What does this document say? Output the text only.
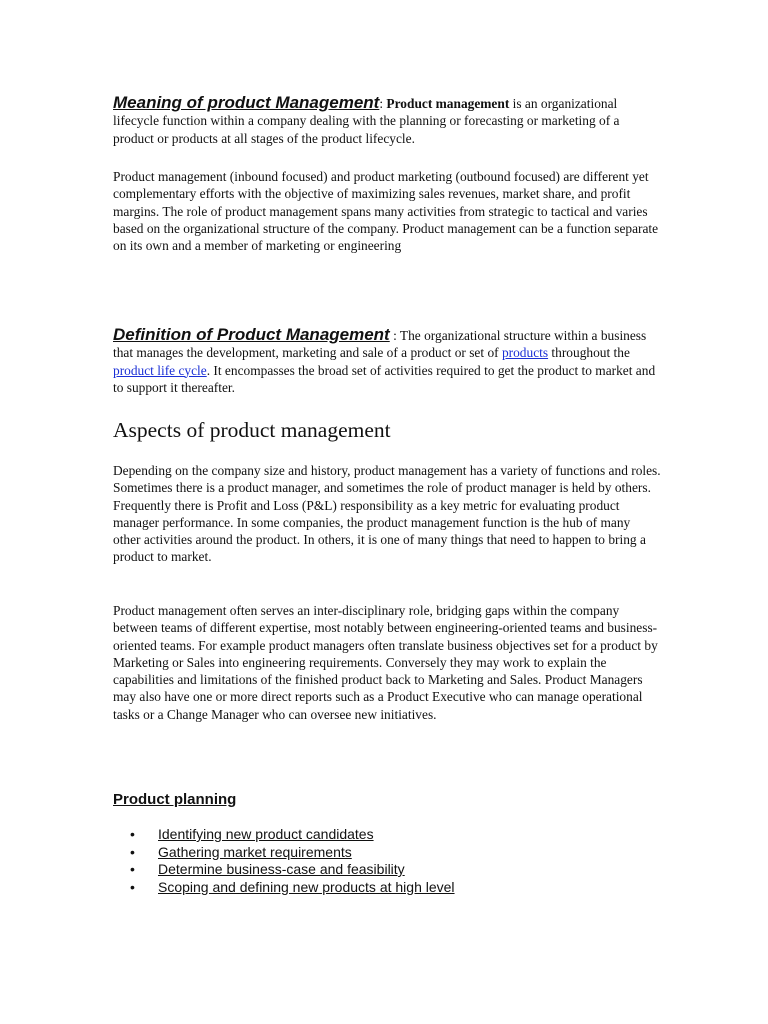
Meaning of product Management: Product management is an organizational lifecycle function within a company dealing with the planning or forecasting or marketing of a product or products at all stages of the product lifecycle.

Product management (inbound focused) and product marketing (outbound focused) are different yet complementary efforts with the objective of maximizing sales revenues, market share, and profit margins. The role of product management spans many activities from strategic to tactical and varies based on the organizational structure of the company. Product management can be a function separate on its own and a member of marketing or engineering

Definition of Product Management : The organizational structure within a business that manages the development, marketing and sale of a product or set of products throughout the product life cycle. It encompasses the broad set of activities required to get the product to market and to support it thereafter.

Aspects of product management

Depending on the company size and history, product management has a variety of functions and roles. Sometimes there is a product manager, and sometimes the role of product manager is held by others. Frequently there is Profit and Loss (P&L) responsibility as a key metric for evaluating product manager performance. In some companies, the product management function is the hub of many other activities around the product. In others, it is one of many things that need to happen to bring a product to market.

Product management often serves an inter-disciplinary role, bridging gaps within the company between teams of different expertise, most notably between engineering-oriented teams and business-oriented teams. For example product managers often translate business objectives set for a product by Marketing or Sales into engineering requirements. Conversely they may work to explain the capabilities and limitations of the finished product back to Marketing and Sales. Product Managers may also have one or more direct reports such as a Product Executive who can manage operational tasks or a Change Manager who can oversee new initiatives.

Product planning
• Identifying new product candidates
• Gathering market requirements
• Determine business-case and feasibility
• Scoping and defining new products at high level
